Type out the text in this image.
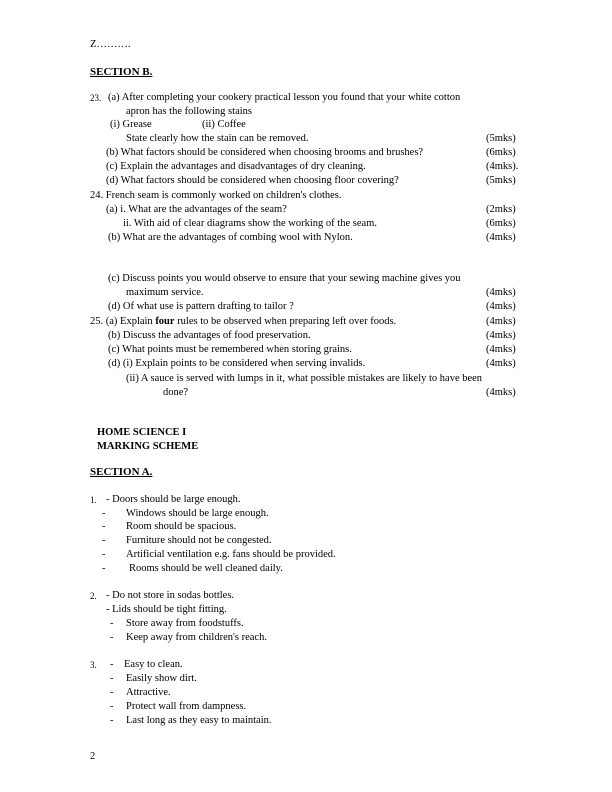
Z……….
SECTION B.
23. (a) After completing your cookery practical lesson you found that your white cotton
apron has the following stains
(i) Grease	(ii) Coffee
State clearly how the stain can be removed.	(5mks)
(b) What factors should be considered when choosing brooms and brushes?	(6mks)
(c) Explain the advantages and disadvantages of dry cleaning.	(4mks).
(d) What factors should be considered when choosing floor covering?	(5mks)
24. French seam is commonly worked on children's clothes.
(a) i. What are the advantages of the seam?	(2mks)
ii. With aid of clear diagrams show the working of the seam.	(6mks)
(b) What are the advantages of combing wool with Nylon.	(4mks)
(c) Discuss points you would observe to ensure that your sewing machine gives you
maximum service.	(4mks)
(d) Of what use is pattern drafting to tailor ?	(4mks)
25. (a) Explain four rules to be observed when preparing left over foods.	(4mks)
(b) Discuss the advantages of food preservation.	(4mks)
(c) What points must be remembered when storing grains.	(4mks)
(d) (i) Explain points to be considered when serving invalids.	(4mks)
(ii) A sauce is served with lumps in it, what possible mistakes are likely to have been
done?	(4mks)
HOME SCIENCE I
MARKING SCHEME
SECTION A.
1. - Doors should be large enough.
- Windows should be large enough.
- Room should be spacious.
- Furniture should not be congested.
- Artificial ventilation e.g. fans should be provided.
- Rooms should be well cleaned daily.
2. - Do not store in sodas bottles.
- Lids should be tight fitting.
- Store away from foodstuffs.
- Keep away from children's reach.
3. - Easy to clean.
- Easily show dirt.
- Attractive.
- Protect wall from dampness.
- Last long as they easy to maintain.
2
